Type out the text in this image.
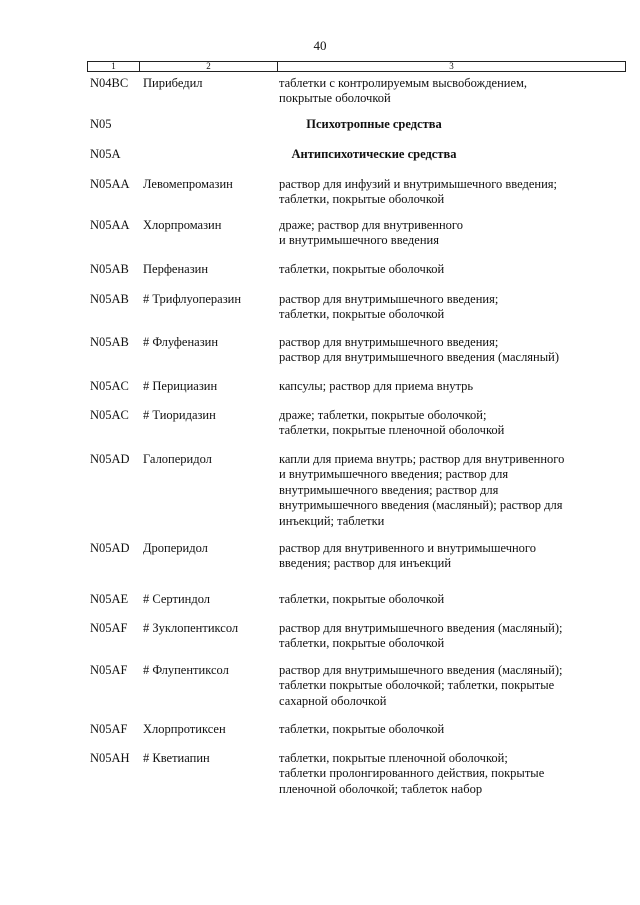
40
1	2	3
N04BC Пирибедил	таблетки с контролируемым высвобождением,
покрытые оболочкой
N05	Психотропные средства
N05A	Антипсихотические средства
N05AA Левомепромазин	раствор для инфузий и внутримышечного введения;
таблетки, покрытые оболочкой
N05AA Хлорпромазин	драже; раствор для внутривенного
и внутримышечного введения
N05AB Перфеназин	таблетки, покрытые оболочкой
N05AB # Трифлуоперазин	раствор для внутримышечного введения;
таблетки, покрытые оболочкой
N05AB # Флуфеназин	раствор для внутримышечного введения;
раствор для внутримышечного введения (масляный)
N05AC # Перициазин	капсулы; раствор для приема внутрь
N05AC # Тиоридазин	драже; таблетки, покрытые оболочкой;
таблетки, покрытые пленочной оболочкой
N05AD Галоперидол	капли для приема внутрь; раствор для внутривенного
и внутримышечного введения; раствор для
внутримышечного введения; раствор для
внутримышечного введения (масляный); раствор для
инъекций; таблетки
N05AD Дроперидол	раствор для внутривенного и внутримышечного
введения; раствор для инъекций
N05AE # Сертиндол	таблетки, покрытые оболочкой
N05AF # Зуклопентиксол	раствор для внутримышечного введения (масляный);
таблетки, покрытые оболочкой
N05AF # Флупентиксол	раствор для внутримышечного введения (масляный);
таблетки покрытые оболочкой; таблетки, покрытые
сахарной оболочкой
N05AF Хлорпротиксен	таблетки, покрытые оболочкой
N05AH # Кветиапин	таблетки, покрытые пленочной оболочкой;
таблетки пролонгированного действия, покрытые
пленочной оболочкой; таблеток набор
